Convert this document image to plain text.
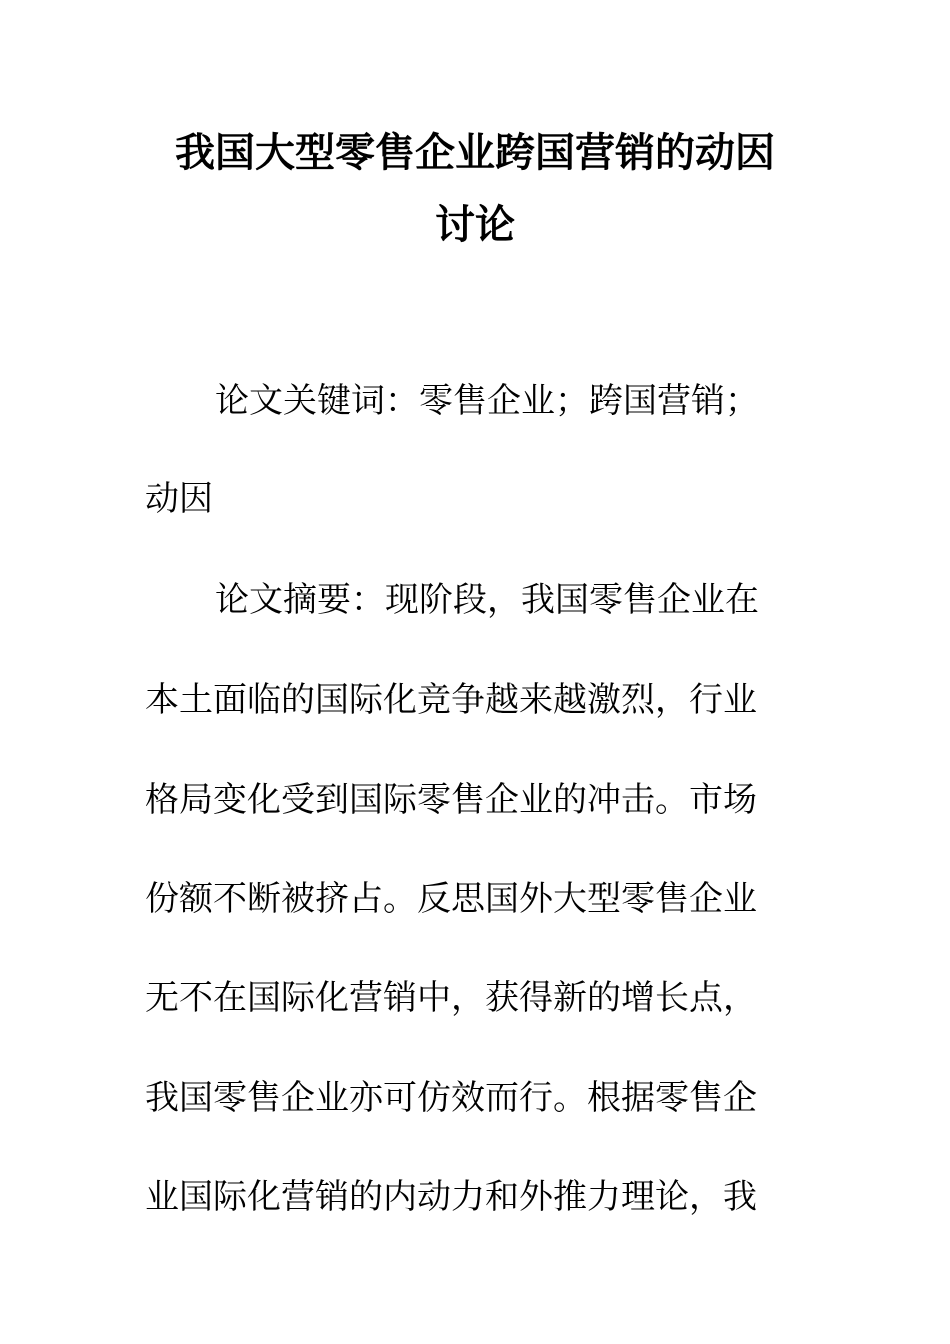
我国大型零售企业跨国营销的动因
讨论

论文关键词：零售企业；跨国营销；

动因

论文摘要：现阶段，我国零售企业在

本土面临的国际化竞争越来越激烈，行业

格局变化受到国际零售企业的冲击。市场

份额不断被挤占。反思国外大型零售企业

无不在国际化营销中，获得新的增长点，

我国零售企业亦可仿效而行。根据零售企

业国际化营销的内动力和外推力理论，我
